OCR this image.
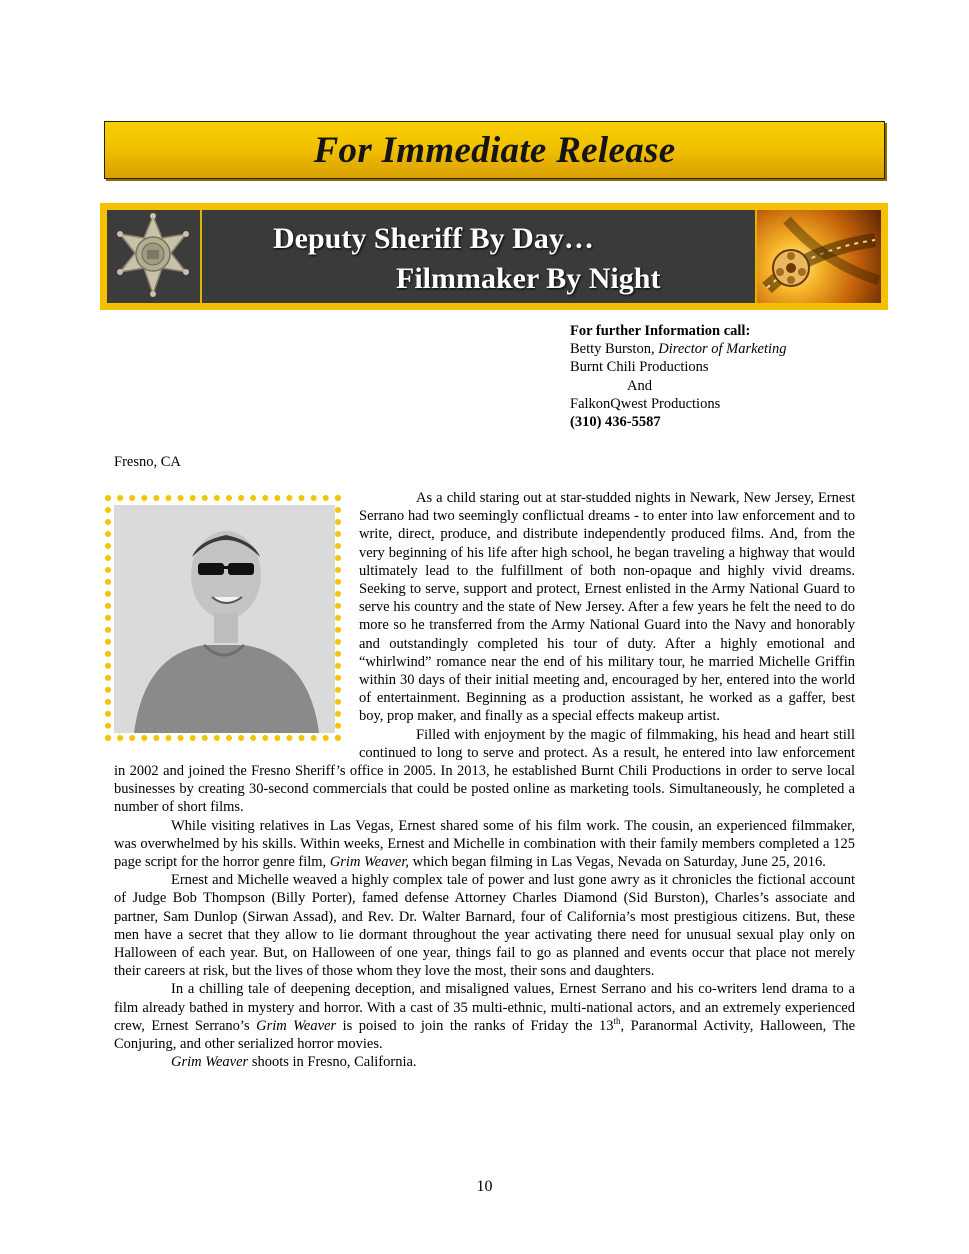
For Immediate Release
Deputy Sheriff By Day…
Filmmaker By Night
For further Information call:
Betty Burston, Director of Marketing
Burnt Chili Productions
And
FalkonQwest Productions
(310) 436-5587
Fresno, CA

As a child staring out at star-studded nights in Newark, New Jersey, Ernest Serrano had two seemingly conflictual dreams - to enter into law enforcement and to write, direct, produce, and distribute independently produced films. And, from the very beginning of his life after high school, he began traveling a highway that would ultimately lead to the fulfillment of both non-opaque and highly vivid dreams. Seeking to serve, support and protect, Ernest enlisted in the Army National Guard to serve his country and the state of New Jersey. After a few years he felt the need to do more so he transferred from the Army National Guard into the Navy and honorably and outstandingly completed his tour of duty. After a highly emotional and “whirlwind” romance near the end of his military tour, he married Michelle Griffin within 30 days of their initial meeting and, encouraged by her, entered into the world of entertainment. Beginning as a production assistant, he worked as a gaffer, best boy, prop maker, and finally as a special effects makeup artist.

Filled with enjoyment by the magic of filmmaking, his head and heart still continued to long to serve and protect. As a result, he entered into law enforcement in 2002 and joined the Fresno Sheriff’s office in 2005. In 2013, he established Burnt Chili Productions in order to serve local businesses by creating 30-second commercials that could be posted online as marketing tools. Simultaneously, he completed a number of short films.

While visiting relatives in Las Vegas, Ernest shared some of his film work. The cousin, an experienced filmmaker, was overwhelmed by his skills. Within weeks, Ernest and Michelle in combination with their family members completed a 125 page script for the horror genre film, Grim Weaver, which began filming in Las Vegas, Nevada on Saturday, June 25, 2016.

Ernest and Michelle weaved a highly complex tale of power and lust gone awry as it chronicles the fictional account of Judge Bob Thompson (Billy Porter), famed defense Attorney Charles Diamond (Sid Burston), Charles’s associate and partner, Sam Dunlop (Sirwan Assad), and Rev. Dr. Walter Barnard, four of California’s most prestigious citizens. But, these men have a secret that they allow to lie dormant throughout the year activating there need for unusual sexual play only on Halloween of each year. But, on Halloween of one year, things fail to go as planned and events occur that place not merely their careers at risk, but the lives of those whom they love the most, their sons and daughters.

In a chilling tale of deepening deception, and misaligned values, Ernest Serrano and his co-writers lend drama to a film already bathed in mystery and horror. With a cast of 35 multi-ethnic, multi-national actors, and an extremely experienced crew, Ernest Serrano’s Grim Weaver is poised to join the ranks of Friday the 13th, Paranormal Activity, Halloween, The Conjuring, and other serialized horror movies.

Grim Weaver shoots in Fresno, California.

10
